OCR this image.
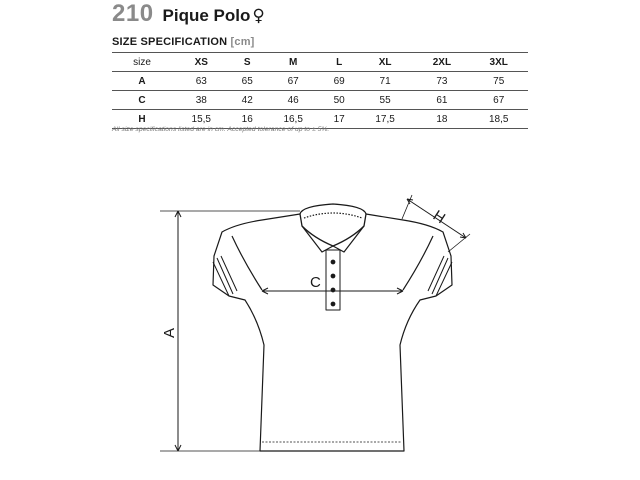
210 Pique Polo ♀
SIZE SPECIFICATION [cm]
size	XS	S	M	L	XL	2XL	3XL
A	63	65	67	69	71	73	75
C	38	42	46	50	55	61	67
H	15,5	16	16,5	17	17,5	18	18,5
All size specifications listed are in cm. Accepted tolerance of up to ± 5%.
C
A
H
